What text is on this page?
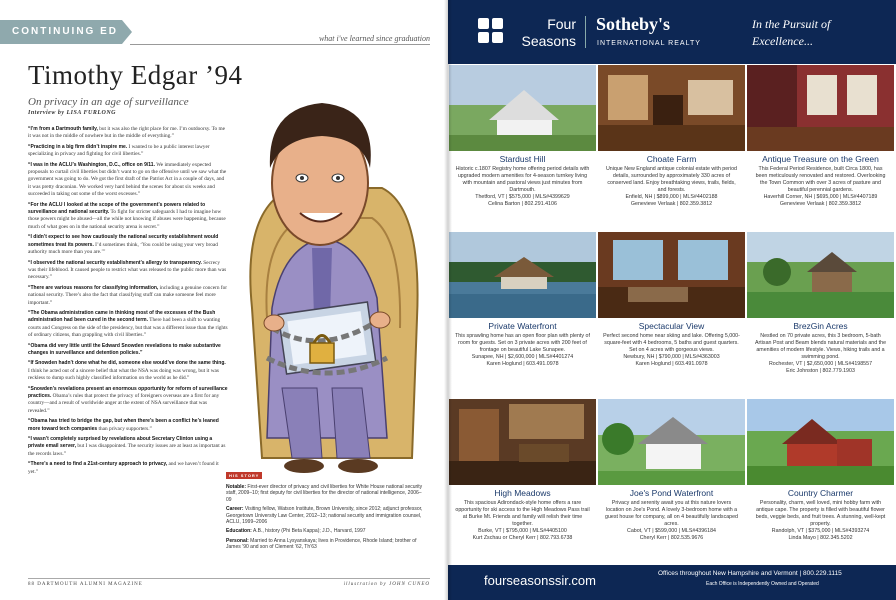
CONTINUING ED
what i've learned since graduation
Timothy Edgar ’94
On privacy in an age of surveillance
Interview by LISA FURLONG

“I’m from a Dartmouth family, but it was also the right place for me. I’m outdoorsy. To me it was not in the middle of nowhere but in the middle of everything.”

“Practicing in a big firm didn’t inspire me. I wanted to be a public interest lawyer specializing in privacy and fighting for civil liberties.”

“I was in the ACLU’s Washington, D.C., office on 9/11. We immediately expected proposals to curtail civil liberties but didn’t want to go on the offensive until we saw what the government was going to do. We got the first draft of the Patriot Act in a couple of days, and it was pretty draconian. We worked very hard behind the scenes for about six weeks and succeeded in taking out some of the worst excesses.”

“For the ACLU I looked at the scope of the government’s powers related to surveillance and national security. To fight for stricter safeguards I had to imagine how those powers might be abused—all the while not knowing if abuses were happening, because much of what goes on in the national security arena is secret.”

“I didn’t expect to see how cautiously the national security establishment would sometimes treat its powers. I’d sometimes think, ‘You could be using your very broad authority much more than you are.’”

“I observed the national security establishment’s allergy to transparency. Secrecy was their lifeblood. It caused people to restrict what was released to the public more than was necessary.”

“There are various reasons for classifying information, including a genuine concern for national security. There’s also the fact that classifying stuff can make someone feel more important.”

“The Obama administration came in thinking most of the excesses of the Bush administration had been cured in the second term. There had been a shift to wanting courts and Congress on the side of the presidency, but that was a different issue than the rights of ordinary citizens, than grappling with civil liberties.”

“Obama did very little until the Edward Snowden revelations to make substantive changes in surveillance and detention policies.”

“If Snowden hadn’t done what he did, someone else would’ve done the same thing. I think he acted out of a sincere belief that what the NSA was doing was wrong, but it was reckless to dump such highly classified information on the world as he did.”

“Snowden’s revelations present an enormous opportunity for reform of surveillance practices. Obama’s rules that protect the privacy of foreigners overseas are a first for any country—and a result of worldwide anger at the extent of NSA surveillance that was revealed.”

“Obama has tried to bridge the gap, but when there’s been a conflict he’s leaned more toward tech companies than privacy supporters.”

“I wasn’t completely surprised by revelations about Secretary Clinton using a private email server, but I was disappointed. The security issues are at least as important as the records laws.”

“There’s a need to find a 21st-century approach to privacy, and we haven’t found it yet.”

HIS STORY

Notable: First-ever director of privacy and civil liberties for White House national security staff, 2009–10; first deputy for civil liberties for the director of national intelligence, 2006–09

Career: Visiting fellow, Watson Institute, Brown University, since 2012; adjunct professor, Georgetown University Law Center, 2012–13; national security and immigration counsel, ACLU, 1999–2006

Education: A.B., history (Phi Beta Kappa); J.D., Harvard, 1997

Personal: Married to Anna Lysyanskaya; lives in Providence, Rhode Island; brother of James ’90 and son of Clement ’62, Th’63

88 DARTMOUTH ALUMNI MAGAZINE	illustration by JOHN CUNEO
Four Seasons
Sotheby's
INTERNATIONAL REALTY
In the Pursuit of Excellence...
Stardust Hill
Historic c.1807 Registry home offering period details with upgraded modern amenities for 4-season turnkey living with mountain and pastoral views just minutes from Dartmouth.
Thetford, VT | $575,000 | MLS#4399629
Celina Barton | 802.291.4106
Choate Farm
Unique New England antique colonial estate with period details, surrounded by approximately 330 acres of conserved land. Enjoy breathtaking views, trails, fields, and forests.
Enfield, NH | $899,000 | MLS#4402188
Genevieve Verlaak | 802.359.3812
Antique Treasure on the Green
This Federal Period Residence, built Circa 1800, has been meticulously renovated and restored. Overlooking the Town Common with over 3 acres of pasture and beautiful perennial gardens.
Haverhill Corner, NH | $695,000 | MLS#4407189
Genevieve Verlaak | 802.359.3812
Private Waterfront
This sprawling home has an open floor plan with plenty of room for guests. Set on 3 private acres with 200 feet of frontage on beautiful Lake Sunapee.
Sunapee, NH | $2,600,000 | MLS#4401274
Karen Hoglund | 603.491.0978
Spectacular View
Perfect second home near skiing and lake. Offering 5,000-square-feet with 4 bedrooms, 5 baths and guest quarters. Set on 4 acres with gorgeous views.
Newbury, NH | $790,000 | MLS#4363003
Karen Hoglund | 603.491.0978
BrezGin Acres
Nestled on 70 private acres, this 3 bedroom, 5-bath Artisan Post and Beam blends natural materials and the amenities of modern lifestyle. Views, hiking trails and a swimming pond.
Rochester, VT | $2,650,000 | MLS#4198557
Eric Johnston | 802.779.1903
High Meadows
This spacious Adirondack-style home offers a rare opportunity for ski access to the High Meadows Pass trail at Burke Mt. Friends and family will relish their time together.
Burke, VT | $795,000 | MLS#4405100
Kurt Zschau or Cheryl Kerr | 802.793.6738
Joe's Pond Waterfront
Privacy and serenity await you at this nature lovers location on Joe's Pond. A lovely 3-bedroom home with a guest house for company, all on 4 beautifully landscaped acres.
Cabot, VT | $599,000 | MLS#4396184
Cheryl Kerr | 802.535.9676
Country Charmer
Personality, charm, well loved, mini hobby farm with antique cape. The property is filled with beautiful flower beds, veggie beds, and fruit trees. A stunning, well-kept property.
Randolph, VT | $375,000 | MLS#4393274
Linda Mayo | 802.345.5202
fourseasonssir.com	Offices throughout New Hampshire and Vermont | 800.229.1115
Each Office is Independently Owned and Operated
